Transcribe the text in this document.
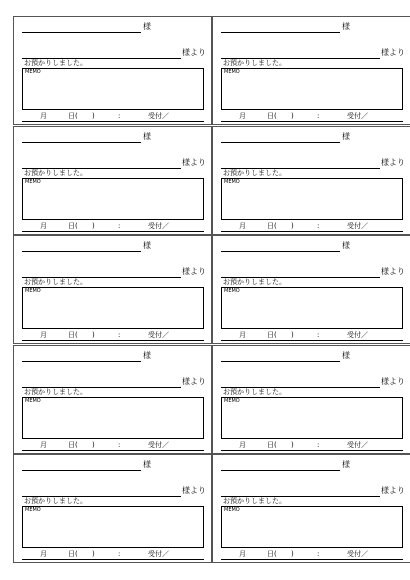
様
様より
お預かりしました。
MEMO
月	日( )	:	受付／
様
様より
お預かりしました。
MEMO
月	日( )	:	受付／
様
様より
お預かりしました。
MEMO
月	日( )	:	受付／
様
様より
お預かりしました。
MEMO
月	日( )	:	受付／
様
様より
お預かりしました。
MEMO
月	日( )	:	受付／
様
様より
お預かりしました。
MEMO
月	日( )	:	受付／
様
様より
お預かりしました。
MEMO
月	日( )	:	受付／
様
様より
お預かりしました。
MEMO
月	日( )	:	受付／
様
様より
お預かりしました。
MEMO
月	日( )	:	受付／
様
様より
お預かりしました。
MEMO
月	日( )	:	受付／
